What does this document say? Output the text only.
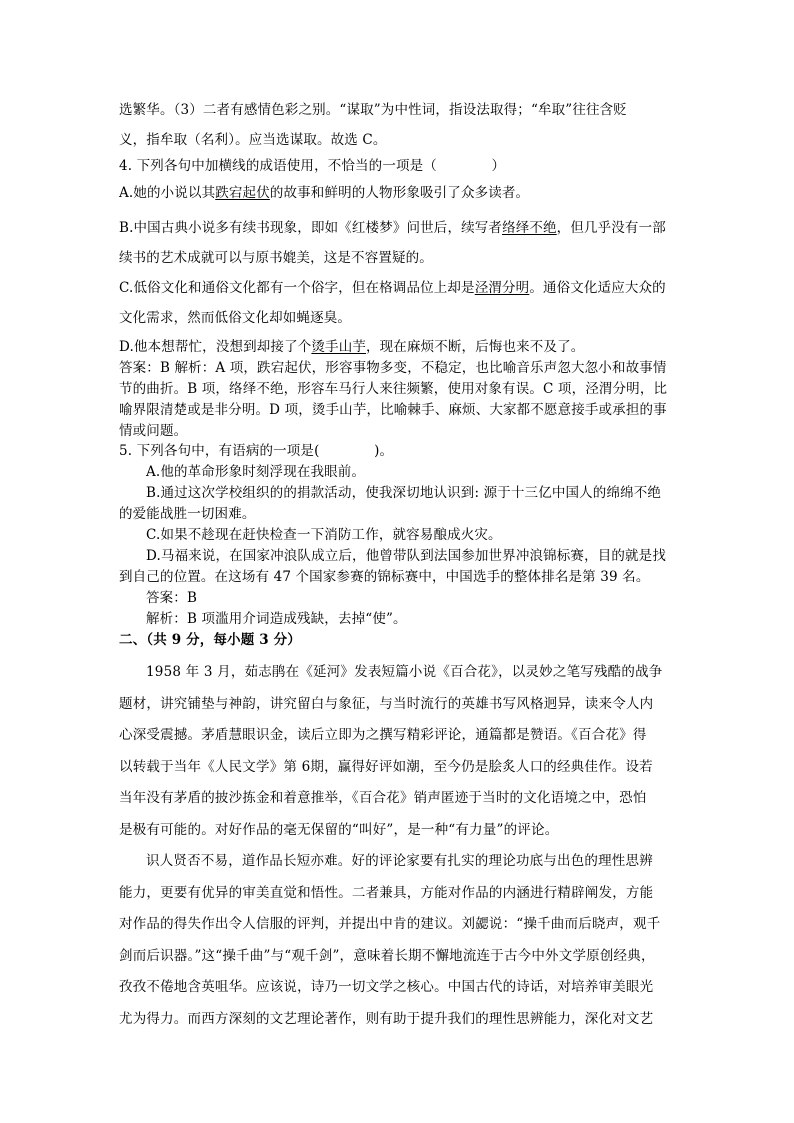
选繁华。（3）二者有感情色彩之别。“谋取”为中性词，指设法取得；“牟取”往往含贬

义，指牟取（名利）。应当选谋取。故选 C。

4. 下列各句中加横线的成语使用，不恰当的一项是（　　　　）

A.她的小说以其跌宕起伏的故事和鲜明的人物形象吸引了众多读者。

B.中国古典小说多有续书现象，即如《红楼梦》问世后，续写者络绎不绝，但几乎没有一部

续书的艺术成就可以与原书媲美，这是不容置疑的。

C.低俗文化和通俗文化都有一个俗字，但在格调品位上却是泾渭分明。通俗文化适应大众的

文化需求，然而低俗文化却如蝇逐臭。

D.他本想帮忙，没想到却接了个烫手山芋，现在麻烦不断，后悔也来不及了。

答案：B 解析：A 项，跌宕起伏，形容事物多变，不稳定，也比喻音乐声忽大忽小和故事情

节的曲折。B 项，络绎不绝，形容车马行人来往频繁，使用对象有误。C 项，泾渭分明，比

喻界限清楚或是非分明。D 项，烫手山芋，比喻棘手、麻烦、大家都不愿意接手或承担的事

情或问题。

5. 下列各句中，有语病的一项是(　　　　)。

A.他的革命形象时刻浮现在我眼前。

B.通过这次学校组织的的捐款活动，使我深切地认识到: 源于十三亿中国人的绵绵不绝

的爱能战胜一切困难。

C.如果不趁现在赶快检查一下消防工作，就容易酿成火灾。

D.马福来说，在国家冲浪队成立后，他曾带队到法国参加世界冲浪锦标赛，目的就是找

到自己的位置。在这场有 47 个国家参赛的锦标赛中，中国选手的整体排名是第 39 名。

答案：B

解析：B 项滥用介词造成残缺，去掉“使”。

二、（共 9 分，每小题 3 分）

1958 年 3 月，茹志鹃在《延河》发表短篇小说《百合花》，以灵妙之笔写残酷的战争

题材，讲究铺垫与神韵，讲究留白与象征，与当时流行的英雄书写风格迥异，读来令人内

心深受震撼。茅盾慧眼识金，读后立即为之撰写精彩评论，通篇都是赞语。《百合花》得

以转载于当年《人民文学》第 6期，赢得好评如潮，至今仍是脍炙人口的经典佳作。设若

当年没有茅盾的披沙拣金和着意推举，《百合花》销声匿迹于当时的文化语境之中，恐怕

是极有可能的。对好作品的毫无保留的“叫好”，是一种“有力量”的评论。

识人贤否不易，道作品长短亦难。好的评论家要有扎实的理论功底与出色的理性思辨

能力，更要有优异的审美直觉和悟性。二者兼具，方能对作品的内涵进行精辟阐发，方能

对作品的得失作出令人信服的评判，并提出中肯的建议。刘勰说：“操千曲而后晓声，观千

剑而后识器。”这“操千曲”与“观千剑”，意味着长期不懈地流连于古今中外文学原创经典，

孜孜不倦地含英咀华。应该说，诗乃一切文学之核心。中国古代的诗话，对培养审美眼光

尤为得力。而西方深刻的文艺理论著作，则有助于提升我们的理性思辨能力，深化对文艺
